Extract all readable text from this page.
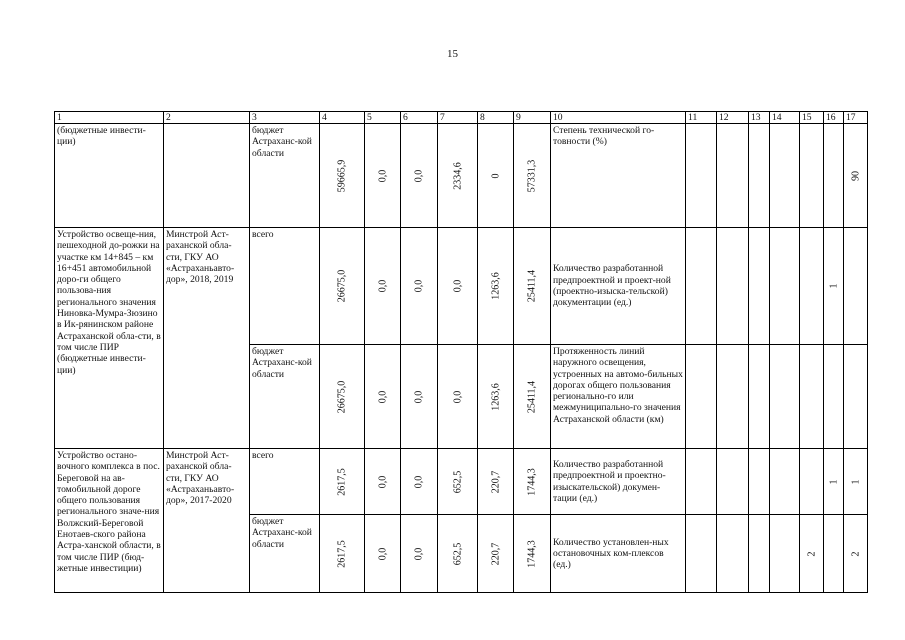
15
1	2	3	4	5	6	7	8	9	10	11	12	13	14	15	16	17
(бюджетные инвести-ции)		бюджет Астраханс-кой области	59665,9	0,0	0,0	2334,6	0	57331,3	Степень технической го-товности (%)							90

Устройство освеще-ния, пешеходной до-рожки на участке км 14+845 – км 16+451 автомобильной доро-ги общего пользова-ния регионального значения Ниновка-Мумра-Зюзино в Ик-рянинском районе Астраханской обла-сти, в том числе ПИР (бюджетные инвести-ции)	Минстрой Аст-раханской обла-сти, ГКУ АО «Астраханьавто-дор», 2018, 2019	всего	26675,0	0,0	0,0	0,0	1263,6	25411,4	Количество разработанной предпроектной и проект-ной (проектно-изыска-тельской) документации (ед.)						1	

		бюджет Астраханс-кой области	26675,0	0,0	0,0	0,0	1263,6	25411,4	Протяженность линий наружного освещения, устроенных на автомо-бильных дорогах общего пользования регионально-го или межмуниципально-го значения Астраханской области (км)							
Устройство остано-вочного комплекса в пос. Береговой на ав-томобильной дороге общего пользования регионального значе-ния Волжский-Береговой Енотаев-ского района Астра-ханской области, в том числе ПИР (бюд-жетные инвестиции)	Минстрой Аст-раханской обла-сти, ГКУ АО «Астраханьавто-дор», 2017-2020	всего	2617,5	0,0	0,0	652,5	220,7	1744,3	Количество разработанной предпроектной и проектно-изыскательской) докумен-тации (ед.)						1	1

		бюджет Астраханс-кой области	2617,5	0,0	0,0	652,5	220,7	1744,3	Количество установлен-ных остановочных ком-плексов (ед.)					2		2
